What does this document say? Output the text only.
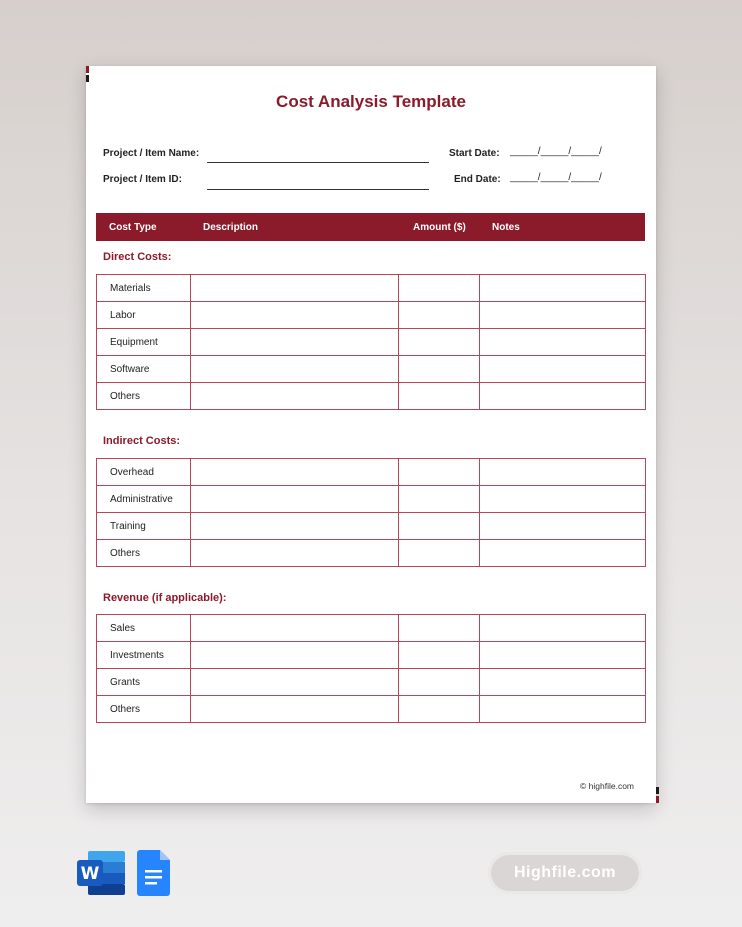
Cost Analysis Template
Project / Item Name:	Start Date: _____/_____/_____/
Project / Item ID:	End Date: _____/_____/_____/
Cost Type	Description	Amount ($)	Notes
Direct Costs:
Materials			
Labor			
Equipment			
Software			
Others			
Indirect Costs:
Overhead			
Administrative			
Training			
Others			
Revenue (if applicable):
Sales			
Investments			
Grants			
Others			
© highfile.com
W	Highfile.com
